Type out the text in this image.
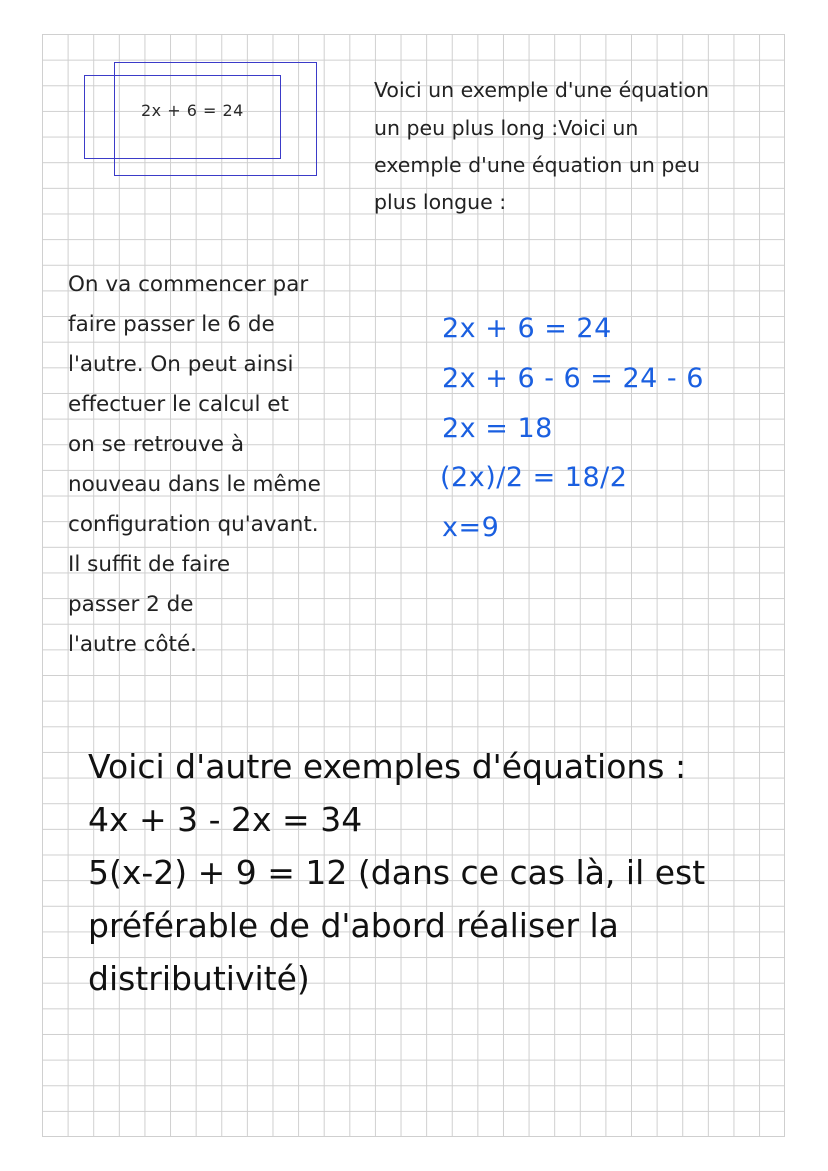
2x + 6 = 24
Voici un exemple d'une équation
un peu plus long :Voici un
exemple d'une équation un peu
plus longue :
On va commencer par
faire passer le 6 de
l'autre. On peut ainsi
effectuer le calcul et
on se retrouve à
nouveau dans le même
configuration qu'avant.
Il suffit de faire
passer 2 de
l'autre côté.
2x + 6 = 24
2x + 6 - 6 = 24 - 6
2x = 18
(2x)/2 = 18/2
x=9
Voici d'autre exemples d'équations :
4x + 3 - 2x = 34
5(x-2) + 9 = 12 (dans ce cas là, il est
préférable de d'abord réaliser la
distributivité)
